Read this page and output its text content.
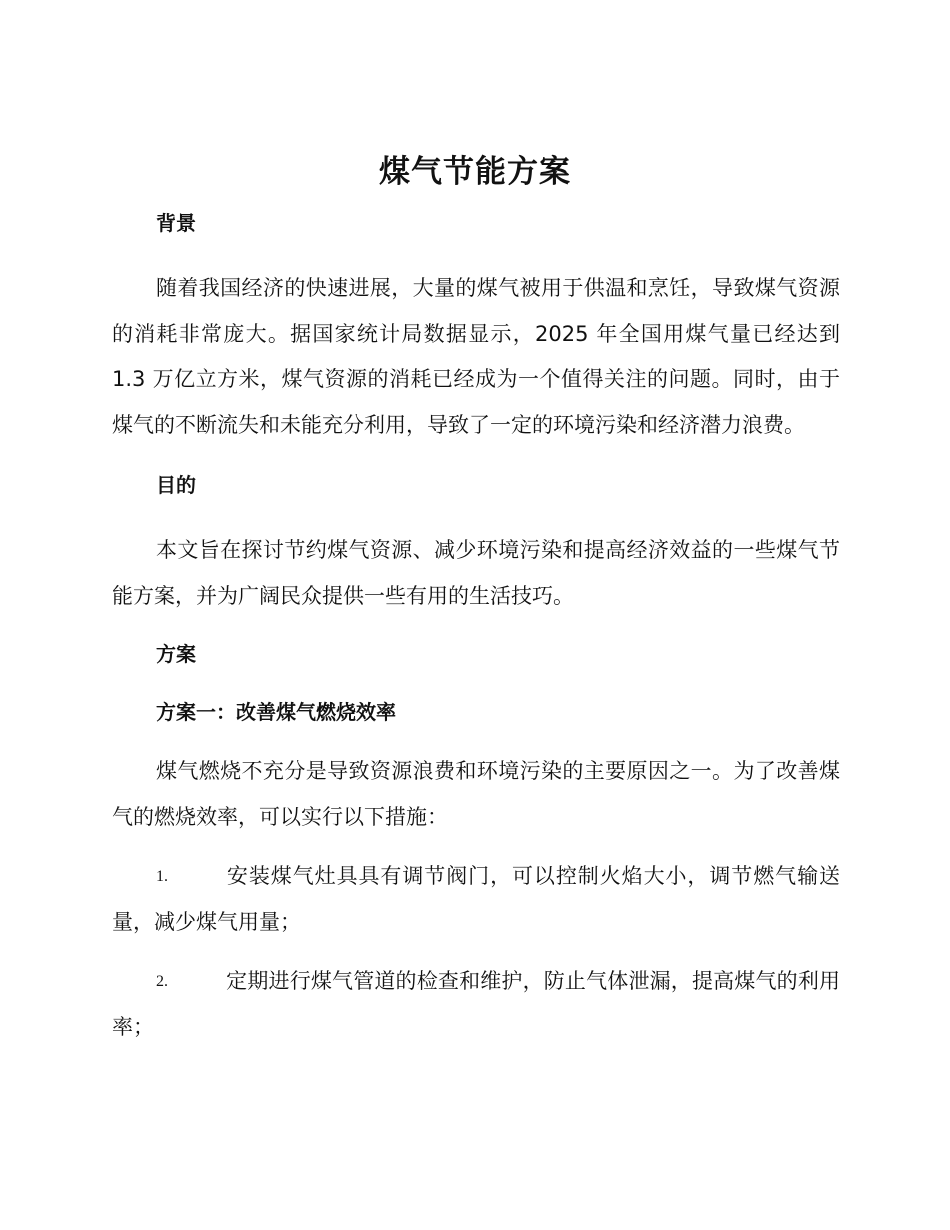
煤气节能方案
背景
随着我国经济的快速进展，大量的煤气被用于供温和烹饪，导致煤气资源的消耗非常庞大。据国家统计局数据显示，2025 年全国用煤气量已经达到 1.3 万亿立方米，煤气资源的消耗已经成为一个值得关注的问题。同时，由于煤气的不断流失和未能充分利用，导致了一定的环境污染和经济潜力浪费。
目的
本文旨在探讨节约煤气资源、减少环境污染和提高经济效益的一些煤气节能方案，并为广阔民众提供一些有用的生活技巧。
方案
方案一：改善煤气燃烧效率
煤气燃烧不充分是导致资源浪费和环境污染的主要原因之一。为了改善煤气的燃烧效率，可以实行以下措施：
1.	安装煤气灶具具有调节阀门，可以控制火焰大小，调节燃气输送量，减少煤气用量；
2.	定期进行煤气管道的检查和维护，防止气体泄漏，提高煤气的利用率；
